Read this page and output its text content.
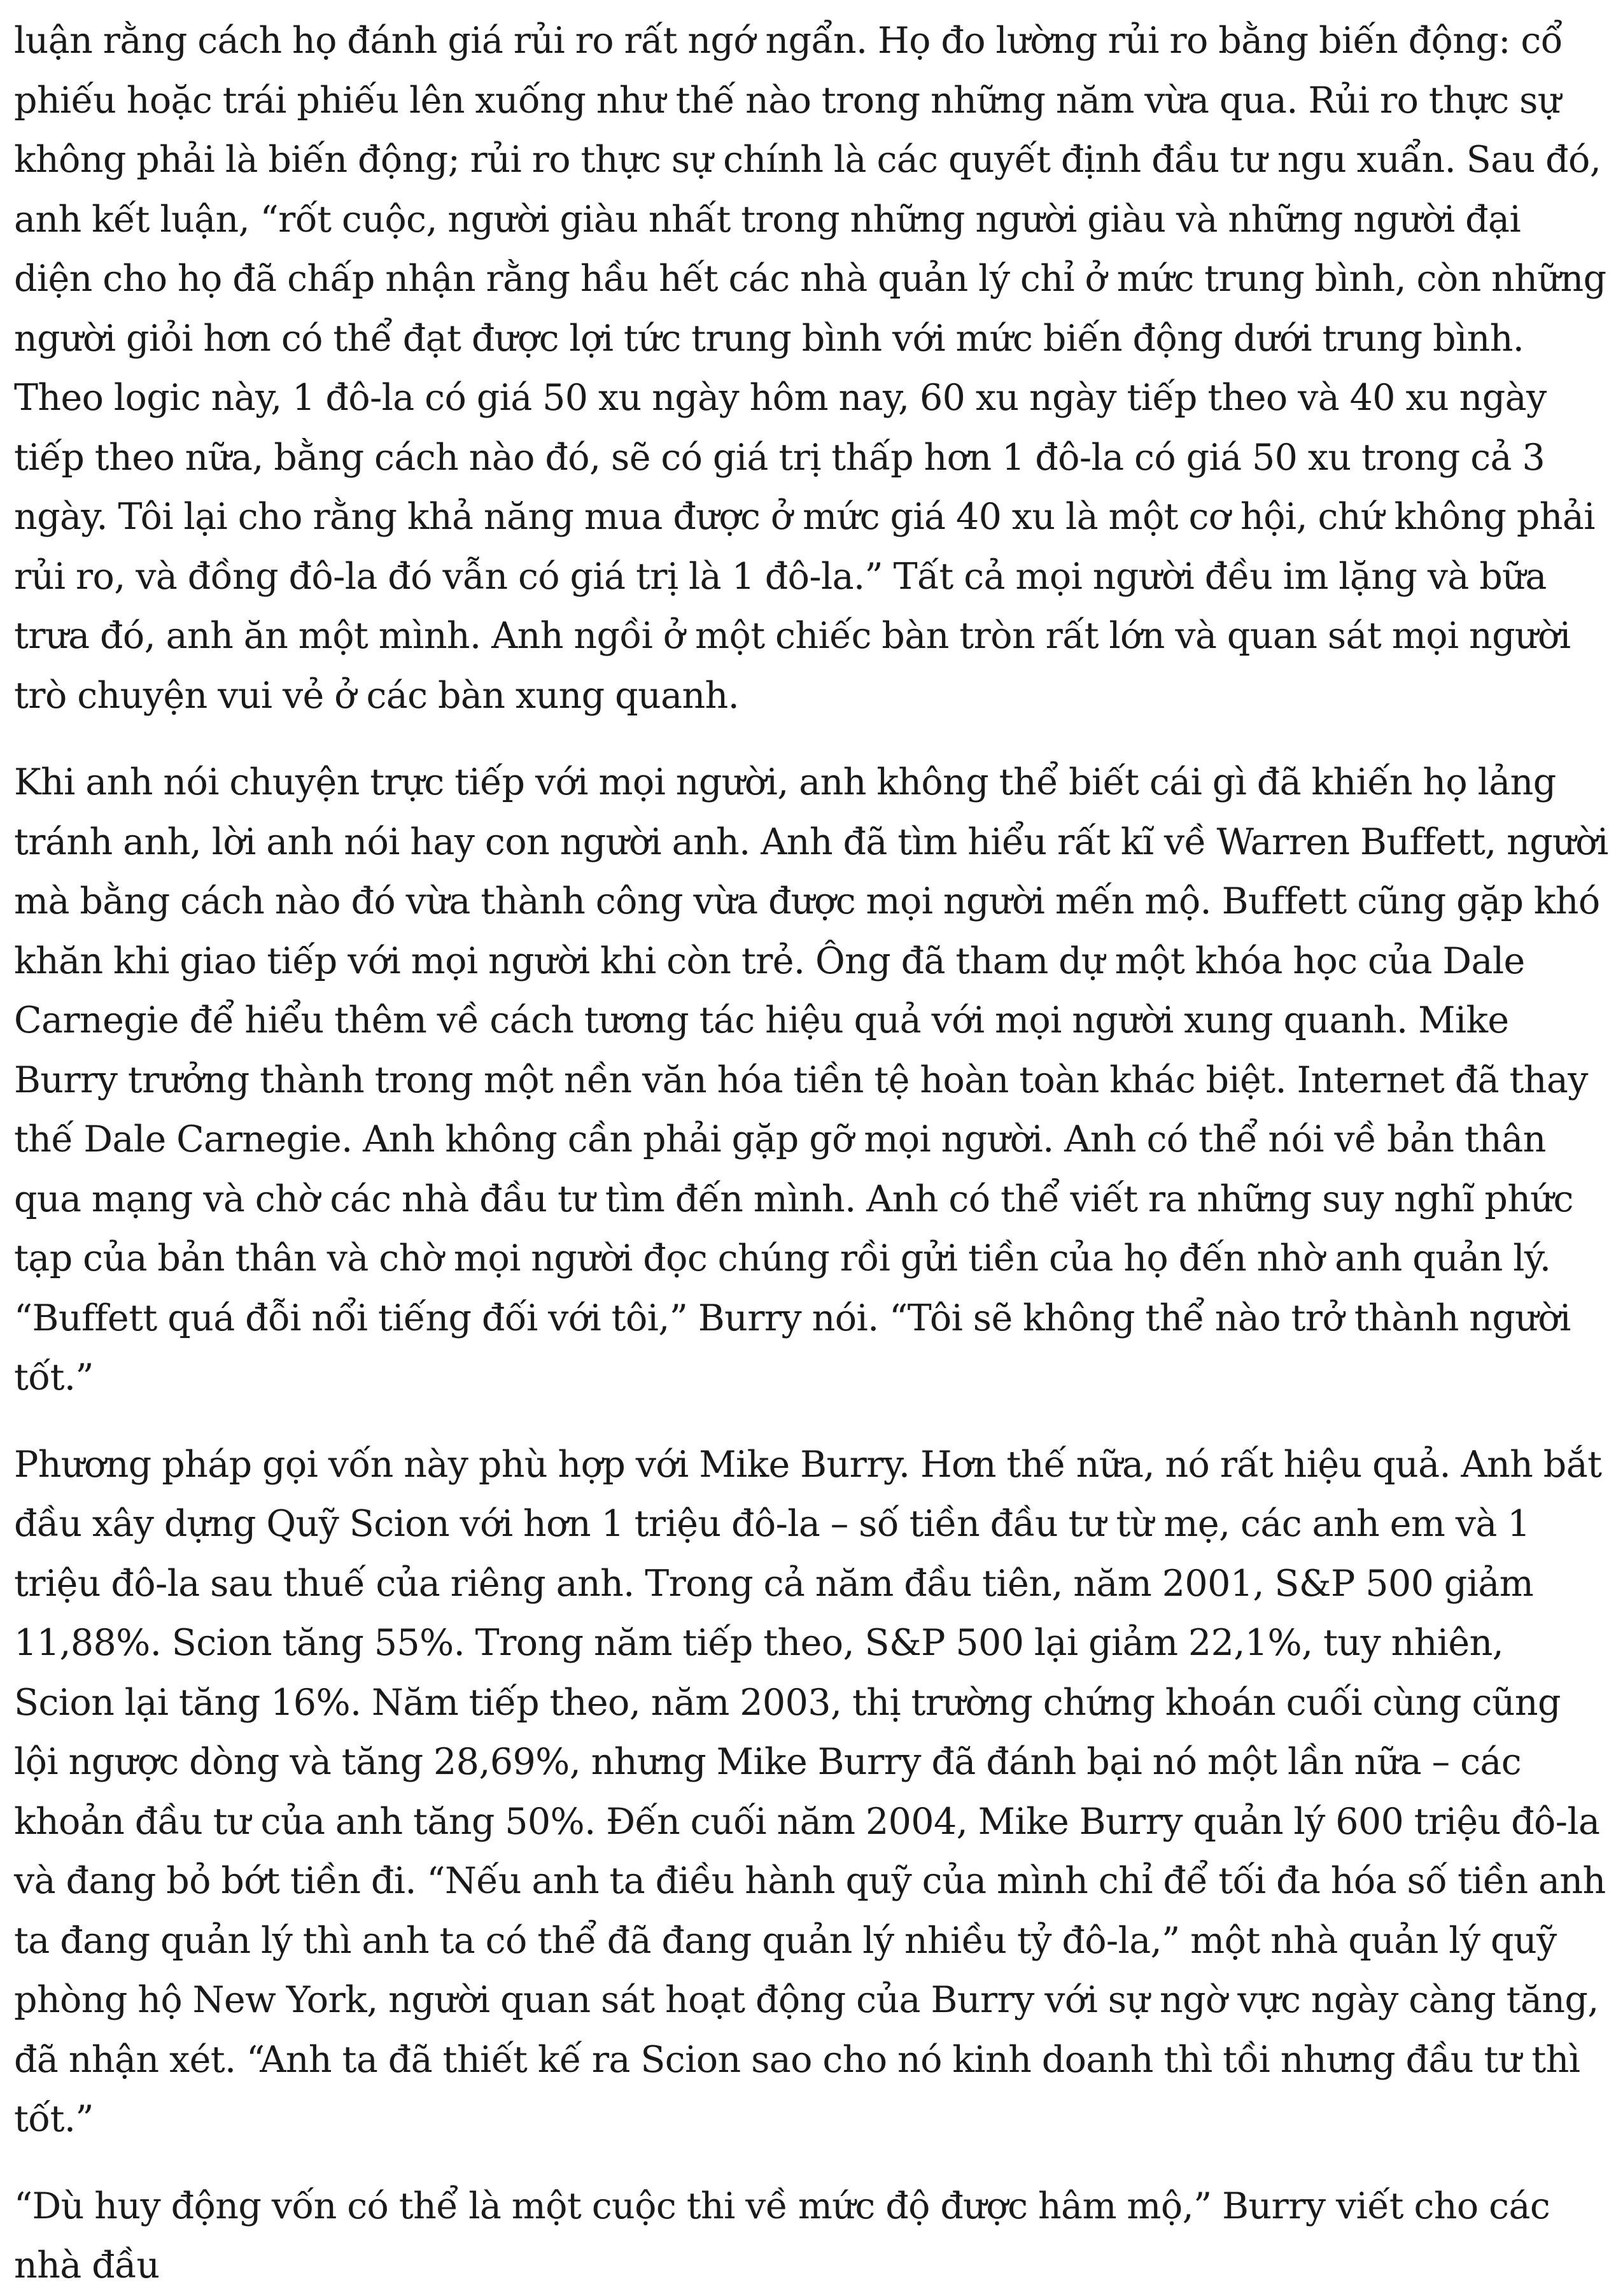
luận rằng cách họ đánh giá rủi ro rất ngớ ngẩn. Họ đo lường rủi ro bằng biến động: cổ phiếu hoặc trái phiếu lên xuống như thế nào trong những năm vừa qua. Rủi ro thực sự không phải là biến động; rủi ro thực sự chính là các quyết định đầu tư ngu xuẩn. Sau đó, anh kết luận, “rốt cuộc, người giàu nhất trong những người giàu và những người đại diện cho họ đã chấp nhận rằng hầu hết các nhà quản lý chỉ ở mức trung bình, còn những người giỏi hơn có thể đạt được lợi tức trung bình với mức biến động dưới trung bình. Theo logic này, 1 đô-la có giá 50 xu ngày hôm nay, 60 xu ngày tiếp theo và 40 xu ngày tiếp theo nữa, bằng cách nào đó, sẽ có giá trị thấp hơn 1 đô-la có giá 50 xu trong cả 3 ngày. Tôi lại cho rằng khả năng mua được ở mức giá 40 xu là một cơ hội, chứ không phải rủi ro, và đồng đô-la đó vẫn có giá trị là 1 đô-la.” Tất cả mọi người đều im lặng và bữa trưa đó, anh ăn một mình. Anh ngồi ở một chiếc bàn tròn rất lớn và quan sát mọi người trò chuyện vui vẻ ở các bàn xung quanh.

Khi anh nói chuyện trực tiếp với mọi người, anh không thể biết cái gì đã khiến họ lảng tránh anh, lời anh nói hay con người anh. Anh đã tìm hiểu rất kĩ về Warren Buffett, người mà bằng cách nào đó vừa thành công vừa được mọi người mến mộ. Buffett cũng gặp khó khăn khi giao tiếp với mọi người khi còn trẻ. Ông đã tham dự một khóa học của Dale Carnegie để hiểu thêm về cách tương tác hiệu quả với mọi người xung quanh. Mike Burry trưởng thành trong một nền văn hóa tiền tệ hoàn toàn khác biệt. Internet đã thay thế Dale Carnegie. Anh không cần phải gặp gỡ mọi người. Anh có thể nói về bản thân qua mạng và chờ các nhà đầu tư tìm đến mình. Anh có thể viết ra những suy nghĩ phức tạp của bản thân và chờ mọi người đọc chúng rồi gửi tiền của họ đến nhờ anh quản lý. “Buffett quá đỗi nổi tiếng đối với tôi,” Burry nói. “Tôi sẽ không thể nào trở thành người tốt.”

Phương pháp gọi vốn này phù hợp với Mike Burry. Hơn thế nữa, nó rất hiệu quả. Anh bắt đầu xây dựng Quỹ Scion với hơn 1 triệu đô-la – số tiền đầu tư từ mẹ, các anh em và 1 triệu đô-la sau thuế của riêng anh. Trong cả năm đầu tiên, năm 2001, S&P 500 giảm 11,88%. Scion tăng 55%. Trong năm tiếp theo, S&P 500 lại giảm 22,1%, tuy nhiên, Scion lại tăng 16%. Năm tiếp theo, năm 2003, thị trường chứng khoán cuối cùng cũng lội ngược dòng và tăng 28,69%, nhưng Mike Burry đã đánh bại nó một lần nữa – các khoản đầu tư của anh tăng 50%. Đến cuối năm 2004, Mike Burry quản lý 600 triệu đô-la và đang bỏ bớt tiền đi. “Nếu anh ta điều hành quỹ của mình chỉ để tối đa hóa số tiền anh ta đang quản lý thì anh ta có thể đã đang quản lý nhiều tỷ đô-la,” một nhà quản lý quỹ phòng hộ New York, người quan sát hoạt động của Burry với sự ngờ vực ngày càng tăng, đã nhận xét. “Anh ta đã thiết kế ra Scion sao cho nó kinh doanh thì tồi nhưng đầu tư thì tốt.”

“Dù huy động vốn có thể là một cuộc thi về mức độ được hâm mộ,” Burry viết cho các nhà đầu
